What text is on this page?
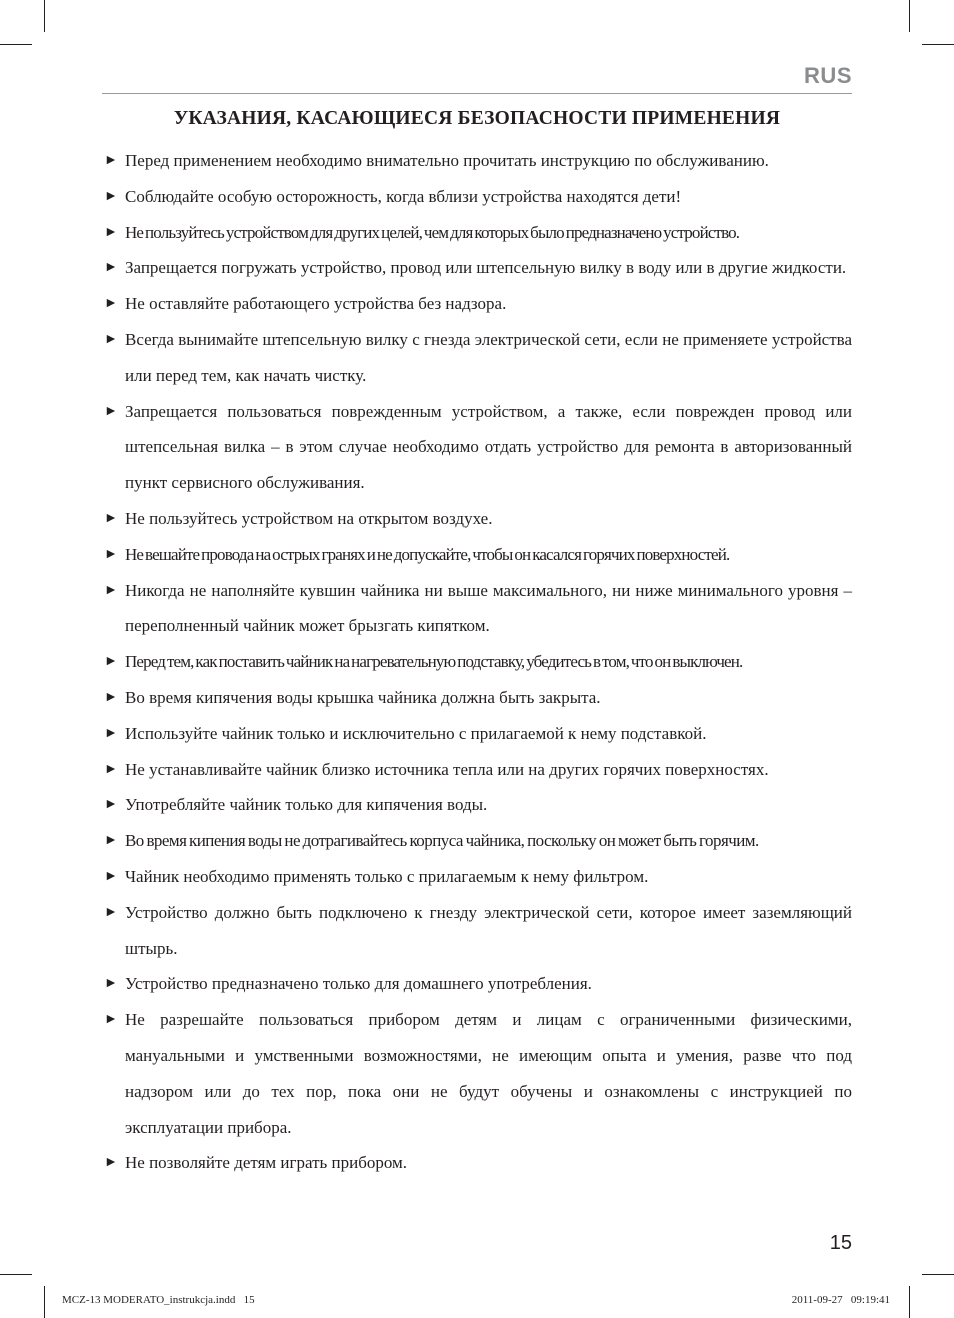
RUS
УКАЗАНИЯ, КАСАЮЩИЕСЯ БЕЗОПАСНОСТИ ПРИМЕНЕНИЯ
► Перед применением необходимо внимательно прочитать инструкцию по обслуживанию.
► Соблюдайте особую осторожность, когда вблизи устройства находятся дети!
► Не пользуйтесь устройством для других целей, чем для которых было предназначено устройство.
► Запрещается погружать устройство, провод или штепсельную вилку в воду или в другие жидкости.
► Не оставляйте работающего устройства без надзора.
► Всегда вынимайте штепсельную вилку с гнезда электрической сети, если не применяете устройства или перед тем, как начать чистку.
► Запрещается пользоваться поврежденным устройством, а также, если поврежден провод или штепсельная вилка – в этом случае необходимо отдать устройство для ремонта в авторизованный пункт сервисного обслуживания.
► Не пользуйтесь устройством на открытом воздухе.
► Не вешайте провода на острых гранях и не допускайте, чтобы он касался горячих поверхностей.
► Никогда не наполняйте кувшин чайника ни выше максимального, ни ниже минимального уровня – переполненный чайник может брызгать кипятком.
► Перед тем, как поставить чайник на нагревательную подставку, убедитесь в том, что он выключен.
► Во время кипячения воды крышка чайника должна быть закрыта.
► Используйте чайник только и исключительно с прилагаемой к нему подставкой.
► Не устанавливайте чайник близко источника тепла или на других горячих поверхностях.
► Употребляйте чайник только для кипячения воды.
► Во время кипения воды не дотрагивайтесь корпуса чайника, поскольку он может быть горячим.
► Чайник необходимо применять только с прилагаемым к нему фильтром.
► Устройство должно быть подключено к гнезду электрической сети, которое имеет заземляющий штырь.
► Устройство предназначено только для домашнего употребления.
► Не разрешайте пользоваться прибором детям и лицам с ограниченными физическими, мануальными и умственными возможностями, не имеющим опыта и умения, разве что под надзором или до тех пор, пока они не будут обучены и ознакомлены с инструкцией по эксплуатации прибора.
► Не позволяйте детям играть прибором.
15
MCZ-13 MODERATO_instrukcja.indd   15	2011-09-27   09:19:41
